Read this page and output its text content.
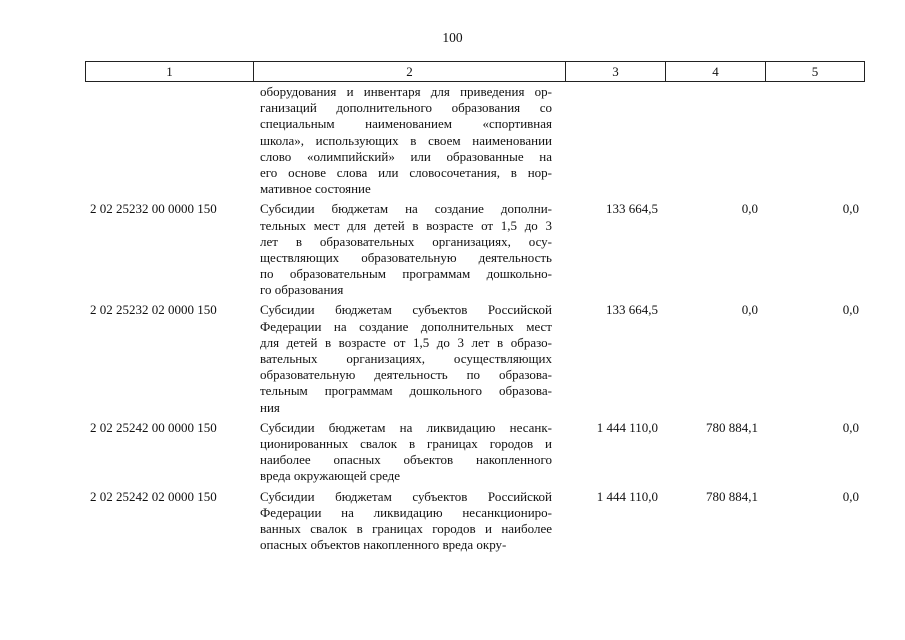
100
1	2	3	4	5
оборудования и инвентаря для приведения ор-
ганизаций дополнительного образования со
специальным наименованием «спортивная
школа», использующих в своем наименовании
слово «олимпийский» или образованные на
его основе слова или словосочетания, в нор-
мативное состояние
2 02 25232 00 0000 150	Субсидии бюджетам на создание дополни-
тельных мест для детей в возрасте от 1,5 до 3
лет в образовательных организациях, осу-
ществляющих образовательную деятельность
по образовательным программам дошкольно-
го образования
133 664,5	0,0	0,0
2 02 25232 02 0000 150	Субсидии бюджетам субъектов Российской
Федерации на создание дополнительных мест
для детей в возрасте от 1,5 до 3 лет в образо-
вательных организациях, осуществляющих
образовательную деятельность по образова-
тельным программам дошкольного образова-
ния
133 664,5	0,0	0,0
2 02 25242 00 0000 150	Субсидии бюджетам на ликвидацию несанк-
ционированных свалок в границах городов и
наиболее опасных объектов накопленного
вреда окружающей среде
1 444 110,0	780 884,1	0,0
2 02 25242 02 0000 150	Субсидии бюджетам субъектов Российской
Федерации на ликвидацию несанкциониро-
ванных свалок в границах городов и наиболее
опасных объектов накопленного вреда окру-
1 444 110,0	780 884,1	0,0
